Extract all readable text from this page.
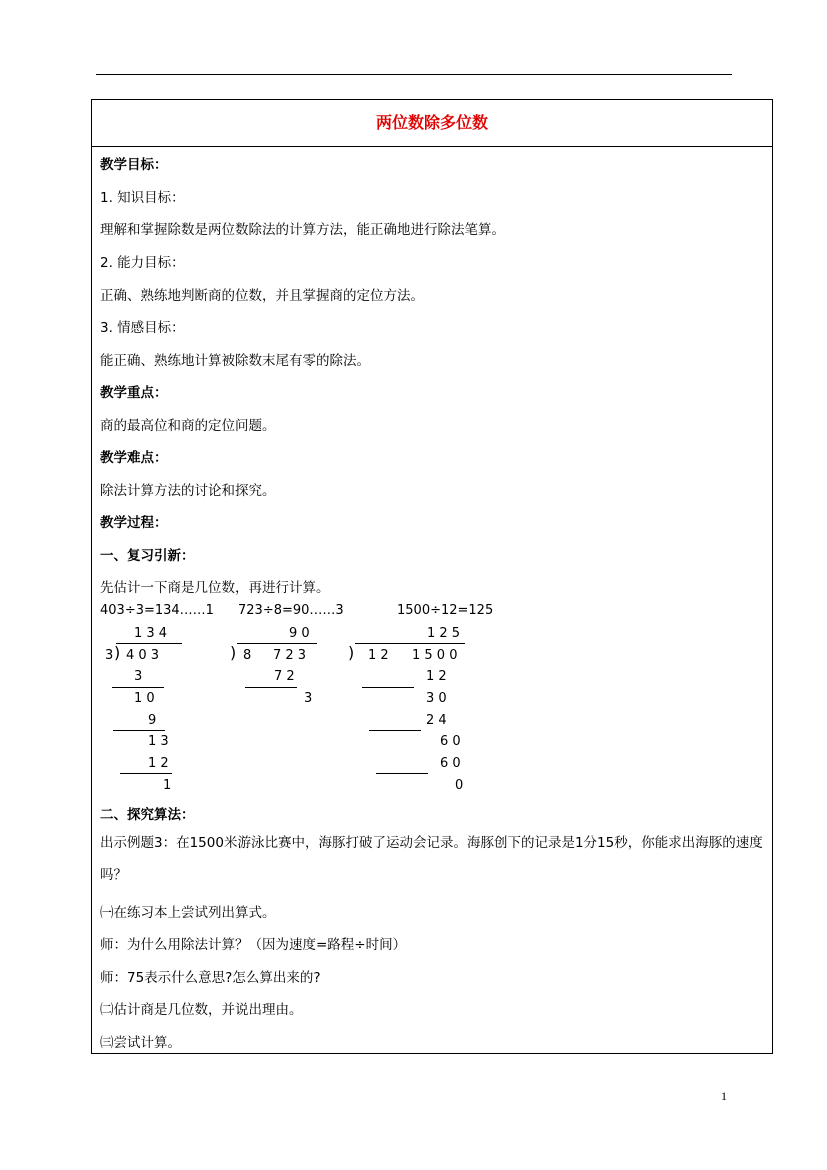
两位数除多位数
教学目标：
1. 知识目标：
理解和掌握除数是两位数除法的计算方法，能正确地进行除法笔算。
2. 能力目标：
正确、熟练地判断商的位数，并且掌握商的定位方法。
3. 情感目标：
能正确、熟练地计算被除数末尾有零的除法。
教学重点：
商的最高位和商的定位问题。
教学难点：
除法计算方法的讨论和探究。
教学过程：
一、复习引新：
先估计一下商是几位数，再进行计算。
403÷3=134……1
1 3 4
3 ) 4 0 3
3
1 0
9
1 3
1 2
1
723÷8=90……3
9 0
) 8 7 2 3
7 2
3
1500÷12=125
1 2 5
) 1 2 1 5 0 0
1 2
3 0
2 4
6 0
6 0
0
二、探究算法：
出示例题3：在1500米游泳比赛中，海豚打破了运动会记录。海豚创下的记录是1分15秒，你能求出海豚的速度吗？
㈠在练习本上尝试列出算式。
师：为什么用除法计算？（因为速度=路程÷时间）
师：75表示什么意思?怎么算出来的?
㈡估计商是几位数，并说出理由。
㈢尝试计算。
1
